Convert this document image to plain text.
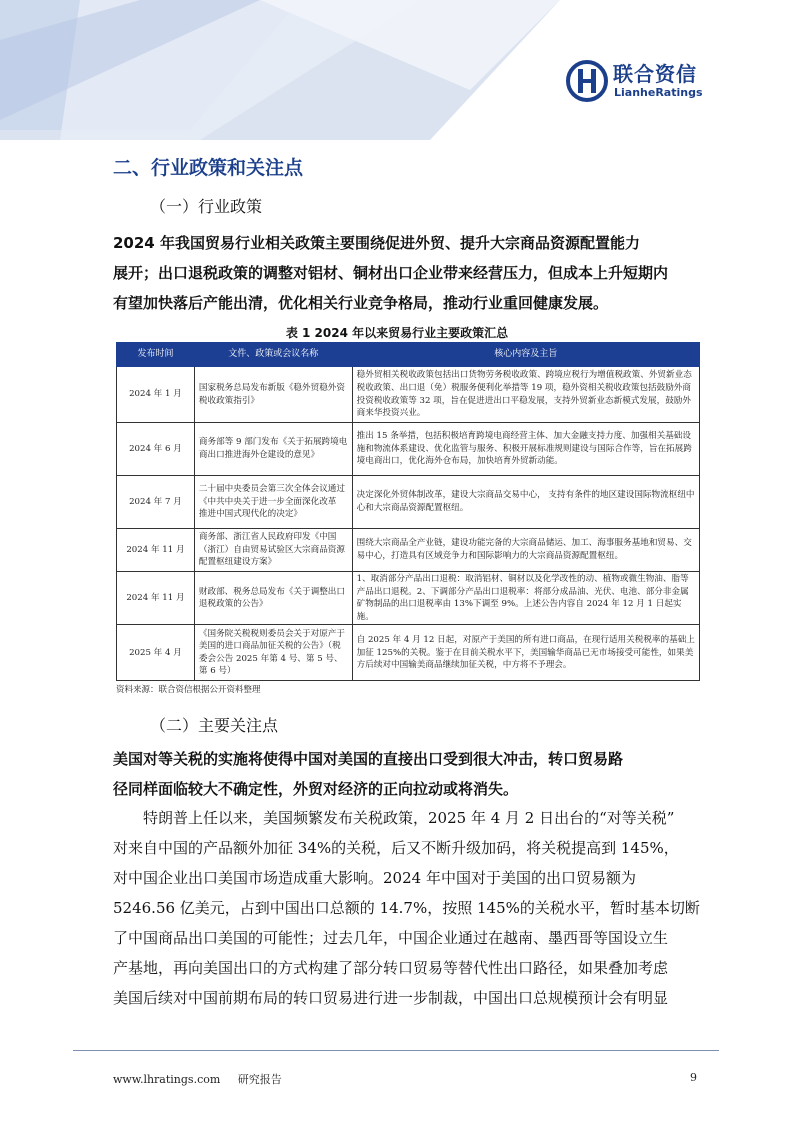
联合资信
LianheRatings
二、行业政策和关注点
（一）行业政策
2024 年我国贸易行业相关政策主要围绕促进外贸、提升大宗商品资源配置能力
展开；出口退税政策的调整对铝材、铜材出口企业带来经营压力，但成本上升短期内
有望加快落后产能出清，优化相关行业竞争格局，推动行业重回健康发展。
表 1 2024 年以来贸易行业主要政策汇总
发布时间	文件、政策或会议名称	核心内容及主旨
2024 年 1 月	国家税务总局发布新版《稳外贸稳外资税收政策指引》	稳外贸相关税收政策包括出口货物劳务税收政策、跨境应税行为增值税政策、外贸新业态税收政策、出口退（免）税服务便利化举措等 19 项，稳外资相关税收政策包括鼓励外商投资税收政策等 32 项，旨在促进进出口平稳发展，支持外贸新业态新模式发展，鼓励外商来华投资兴业。
2024 年 6 月	商务部等 9 部门发布《关于拓展跨境电商出口推进海外仓建设的意见》	推出 15 条举措，包括积极培育跨境电商经营主体、加大金融支持力度、加强相关基础设施和物流体系建设、优化监管与服务、积极开展标准规则建设与国际合作等，旨在拓展跨境电商出口，优化海外仓布局，加快培育外贸新动能。
2024 年 7 月	二十届中央委员会第三次全体会议通过《中共中央关于进一步全面深化改革 推进中国式现代化的决定》	决定深化外贸体制改革，建设大宗商品交易中心， 支持有条件的地区建设国际物流枢纽中心和大宗商品资源配置枢纽。
2024 年 11 月	商务部、浙江省人民政府印发《中国（浙江）自由贸易试验区大宗商品资源配置枢纽建设方案》	围绕大宗商品全产业链，建设功能完备的大宗商品储运、加工、海事服务基地和贸易、交易中心，打造具有区域竞争力和国际影响力的大宗商品资源配置枢纽。
2024 年 11 月	财政部、税务总局发布《关于调整出口退税政策的公告》	1、取消部分产品出口退税：取消铝材、铜材以及化学改性的动、植物或微生物油、脂等产品出口退税。2、下调部分产品出口退税率：将部分成品油、光伏、电池、部分非金属矿物制品的出口退税率由 13%下调至 9%。上述公告内容自 2024 年 12 月 1 日起实施。
2025 年 4 月	《国务院关税税则委员会关于对原产于美国的进口商品加征关税的公告》（税委会公告 2025 年第 4 号、第 5 号、第 6 号）	自 2025 年 4 月 12 日起，对原产于美国的所有进口商品，在现行适用关税税率的基础上加征 125%的关税。鉴于在目前关税水平下，美国输华商品已无市场接受可能性，如果美方后续对中国输美商品继续加征关税，中方将不予理会。
资料来源：联合资信根据公开资料整理
（二）主要关注点
美国对等关税的实施将使得中国对美国的直接出口受到很大冲击，转口贸易路
径同样面临较大不确定性，外贸对经济的正向拉动或将消失。
特朗普上任以来，美国频繁发布关税政策，2025 年 4 月 2 日出台的“对等关税”
对来自中国的产品额外加征 34%的关税，后又不断升级加码，将关税提高到 145%，
对中国企业出口美国市场造成重大影响。2024 年中国对于美国的出口贸易额为
5246.56 亿美元，占到中国出口总额的 14.7%，按照 145%的关税水平，暂时基本切断
了中国商品出口美国的可能性；过去几年，中国企业通过在越南、墨西哥等国设立生
产基地，再向美国出口的方式构建了部分转口贸易等替代性出口路径，如果叠加考虑
美国后续对中国前期布局的转口贸易进行进一步制裁，中国出口总规模预计会有明显
www.lhratings.com 研究报告	9
